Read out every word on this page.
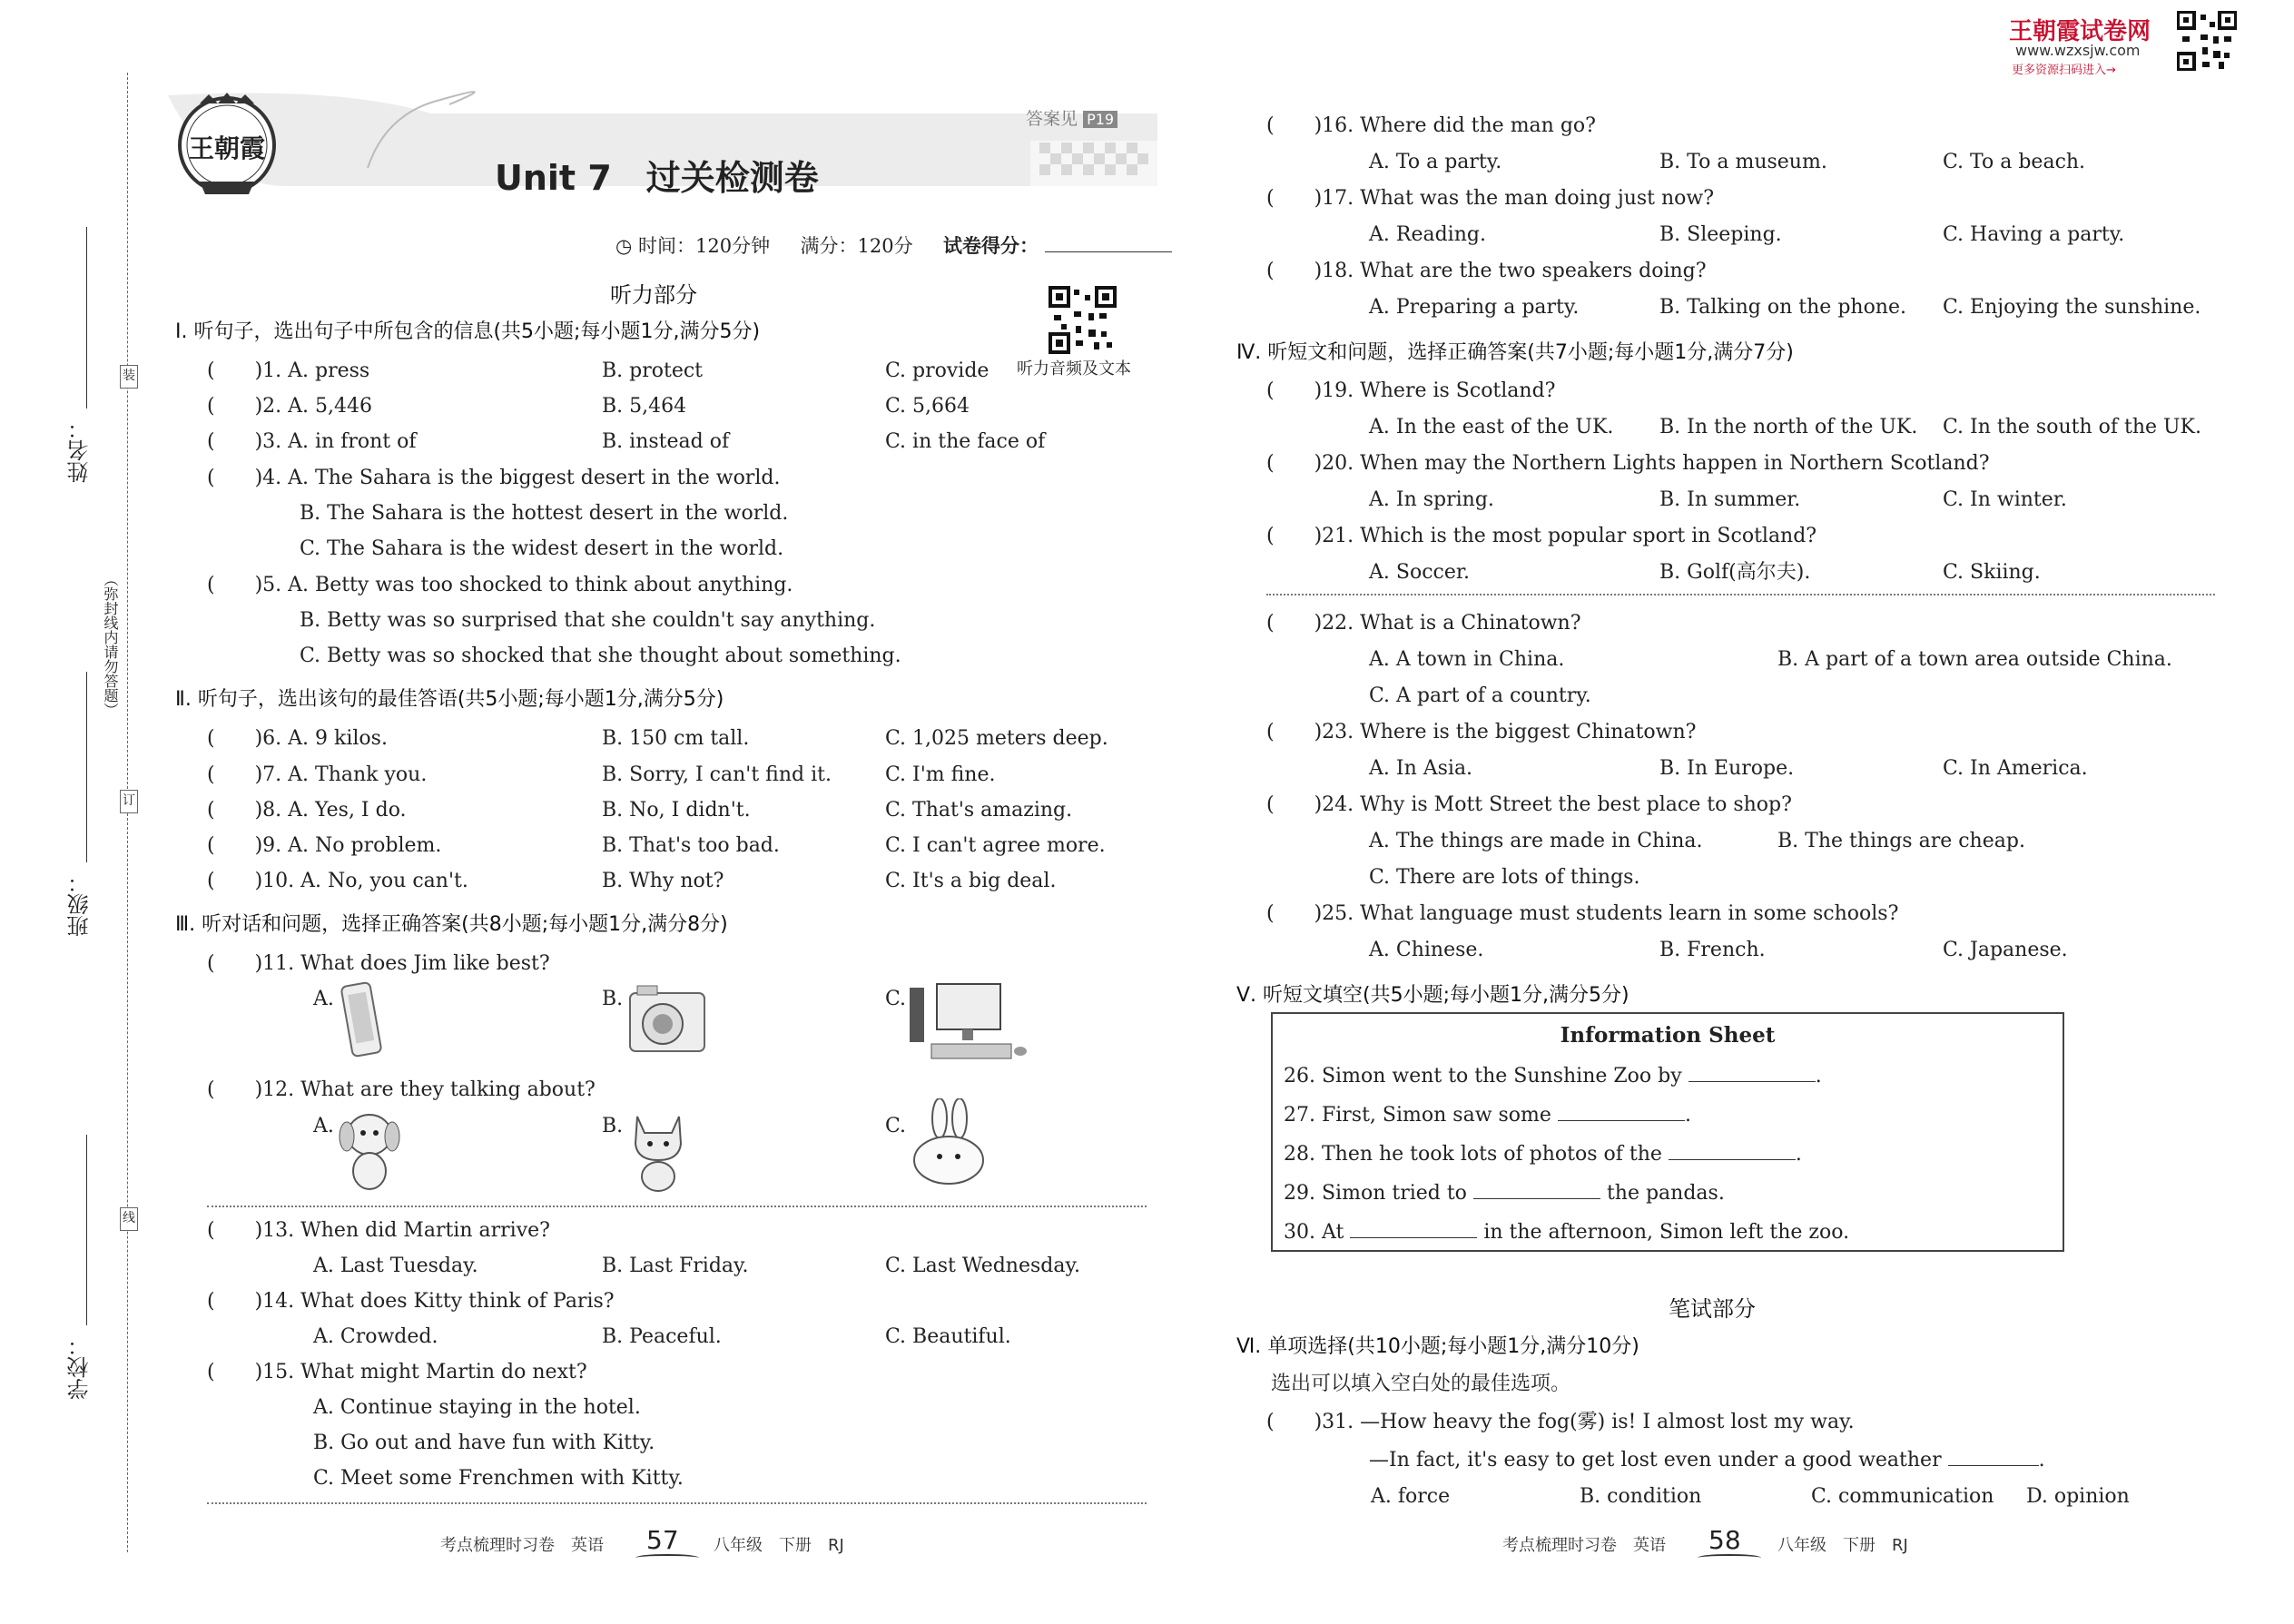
姓名：
班级：
学校：
（弥封线内请勿答题）
装
订
线
王朝霞
Unit 7　过关检测卷
答案见 P19
◷ 时间：120分钟 满分：120分 试卷得分：
听力音频及文本
听力部分
Ⅰ. 听句子，选出句子中所包含的信息(共5小题;每小题1分,满分5分)
(　　)1. A. press	B. protect	C. provide
(　　)2. A. 5,446	B. 5,464	C. 5,664
(　　)3. A. in front of	B. instead of	C. in the face of
(　　)4. A. The Sahara is the biggest desert in the world.
B. The Sahara is the hottest desert in the world.
C. The Sahara is the widest desert in the world.
(　　)5. A. Betty was too shocked to think about anything.
B. Betty was so surprised that she couldn't say anything.
C. Betty was so shocked that she thought about something.
Ⅱ. 听句子，选出该句的最佳答语(共5小题;每小题1分,满分5分)
(　　)6. A. 9 kilos.	B. 150 cm tall.	C. 1,025 meters deep.
(　　)7. A. Thank you.	B. Sorry, I can't find it.	C. I'm fine.
(　　)8. A. Yes, I do.	B. No, I didn't.	C. That's amazing.
(　　)9. A. No problem.	B. That's too bad.	C. I can't agree more.
(　　)10. A. No, you can't.	B. Why not?	C. It's a big deal.
Ⅲ. 听对话和问题，选择正确答案(共8小题;每小题1分,满分8分)
(　　)11. What does Jim like best?
A.	B.	C.
(　　)12. What are they talking about?
A.	B.	C.
(　　)13. When did Martin arrive?
A. Last Tuesday.	B. Last Friday.	C. Last Wednesday.
(　　)14. What does Kitty think of Paris?
A. Crowded.	B. Peaceful.	C. Beautiful.
(　　)15. What might Martin do next?
A. Continue staying in the hotel.
B. Go out and have fun with Kitty.
C. Meet some Frenchmen with Kitty.
考点梳理时习卷　英语 57 八年级　下册　RJ
王朝霞试卷网
www.wzxsjw.com
更多资源扫码进入→
(　　)16. Where did the man go?
A. To a party.	B. To a museum.	C. To a beach.
(　　)17. What was the man doing just now?
A. Reading.	B. Sleeping.	C. Having a party.
(　　)18. What are the two speakers doing?
A. Preparing a party.	B. Talking on the phone. C. Enjoying the sunshine.
Ⅳ. 听短文和问题，选择正确答案(共7小题;每小题1分,满分7分)
(　　)19. Where is Scotland?
A. In the east of the UK. B. In the north of the UK. C. In the south of the UK.
(　　)20. When may the Northern Lights happen in Northern Scotland?
A. In spring.	B. In summer.	C. In winter.
(　　)21. Which is the most popular sport in Scotland?
A. Soccer.	B. Golf(高尔夫).	C. Skiing.
(　　)22. What is a Chinatown?
A. A town in China.	B. A part of a town area outside China.
C. A part of a country.
(　　)23. Where is the biggest Chinatown?
A. In Asia.	B. In Europe.	C. In America.
(　　)24. Why is Mott Street the best place to shop?
A. The things are made in China.	B. The things are cheap.
C. There are lots of things.
(　　)25. What language must students learn in some schools?
A. Chinese.	B. French.	C. Japanese.
Ⅴ. 听短文填空(共5小题;每小题1分,满分5分)
Information Sheet
26. Simon went to the Sunshine Zoo by	.
27. First, Simon saw some	.
28. Then he took lots of photos of the	.
29. Simon tried to	the pandas.
30. At	in the afternoon, Simon left the zoo.
笔试部分
Ⅵ. 单项选择(共10小题;每小题1分,满分10分)
选出可以填入空白处的最佳选项。
(　　)31. —How heavy the fog(雾) is! I almost lost my way.
—In fact, it's easy to get lost even under a good weather	.
A. force	B. condition	C. communication D. opinion
考点梳理时习卷　英语 58 八年级　下册　RJ
